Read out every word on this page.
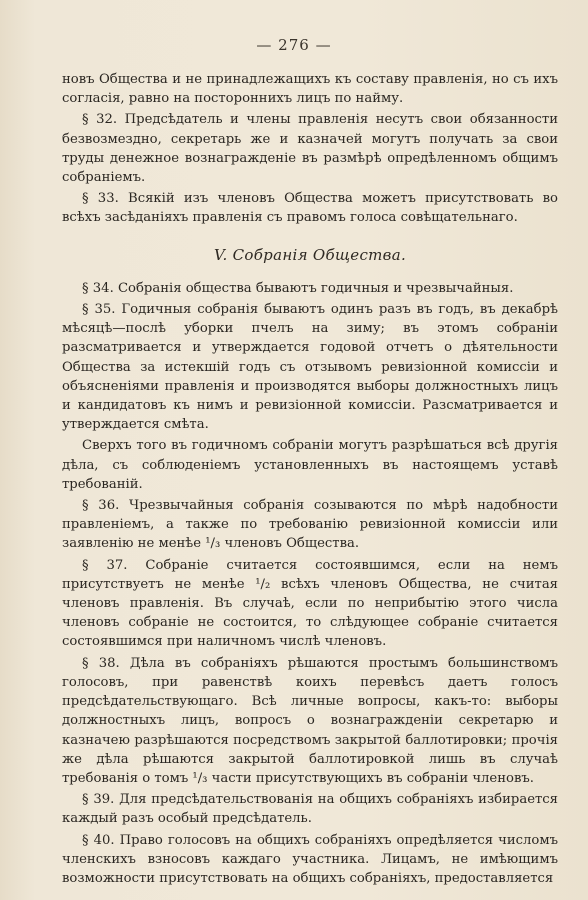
— 276 —

новъ Общества и не принадлежащихъ къ составу правленія, но съ ихъ согласія, равно на постороннихъ лицъ по найму.

§ 32. Предсѣдатель и члены правленія несутъ свои обязанности безвозмездно, секретарь же и казначей могутъ получать за свои труды денежное вознагражденіе въ размѣрѣ опредѣленномъ общимъ собраніемъ.

§ 33. Всякій изъ членовъ Общества можетъ присутствовать во всѣхъ засѣданіяхъ правленія съ правомъ голоса совѣщательнаго.

V. Собранія Общества.

§ 34. Собранія общества бываютъ годичныя и чрезвычайныя.

§ 35. Годичныя собранія бываютъ одинъ разъ въ годъ, въ декабрѣ мѣсяцѣ—послѣ уборки пчелъ на зиму; въ этомъ собраніи разсматривается и утверждается годовой отчетъ о дѣятельности Общества за истекшій годъ съ отзывомъ ревизіонной комиссіи и объясненіями правленія и производятся выборы должностныхъ лицъ и кандидатовъ къ нимъ и ревизіонной комиссіи. Разсматривается и утверждается смѣта.

Сверхъ того въ годичномъ собраніи могутъ разрѣшаться всѣ другія дѣла, съ соблюденіемъ установленныхъ въ настоящемъ уставѣ требованій.

§ 36. Чрезвычайныя собранія созываются по мѣрѣ надобности правленіемъ, а также по требованію ревизіонной комиссіи или заявленію не менѣе ¹/₃ членовъ Общества.

§ 37. Собраніе считается состоявшимся, если на немъ присутствуетъ не менѣе ¹/₂ всѣхъ членовъ Общества, не считая членовъ правленія. Въ случаѣ, если по неприбытію этого числа членовъ собраніе не состоится, то слѣдующее собраніе считается состоявшимся при наличномъ числѣ членовъ.

§ 38. Дѣла въ собраніяхъ рѣшаются простымъ большинствомъ голосовъ, при равенствѣ коихъ перевѣсъ даетъ голосъ предсѣдательствующаго. Всѣ личные вопросы, какъ-то: выборы должностныхъ лицъ, вопросъ о вознагражденіи секретарю и казначею разрѣшаются посредствомъ закрытой баллотировки; прочія же дѣла рѣшаются закрытой баллотировкой лишь въ случаѣ требованія о томъ ¹/₃ части присутствующихъ въ собраніи членовъ.

§ 39. Для предсѣдательствованія на общихъ собраніяхъ избирается каждый разъ особый предсѣдатель.

§ 40. Право голосовъ на общихъ собраніяхъ опредѣляется числомъ членскихъ взносовъ каждаго участника. Лицамъ, не имѣющимъ возможности присутствовать на общихъ собраніяхъ, предоставляется
